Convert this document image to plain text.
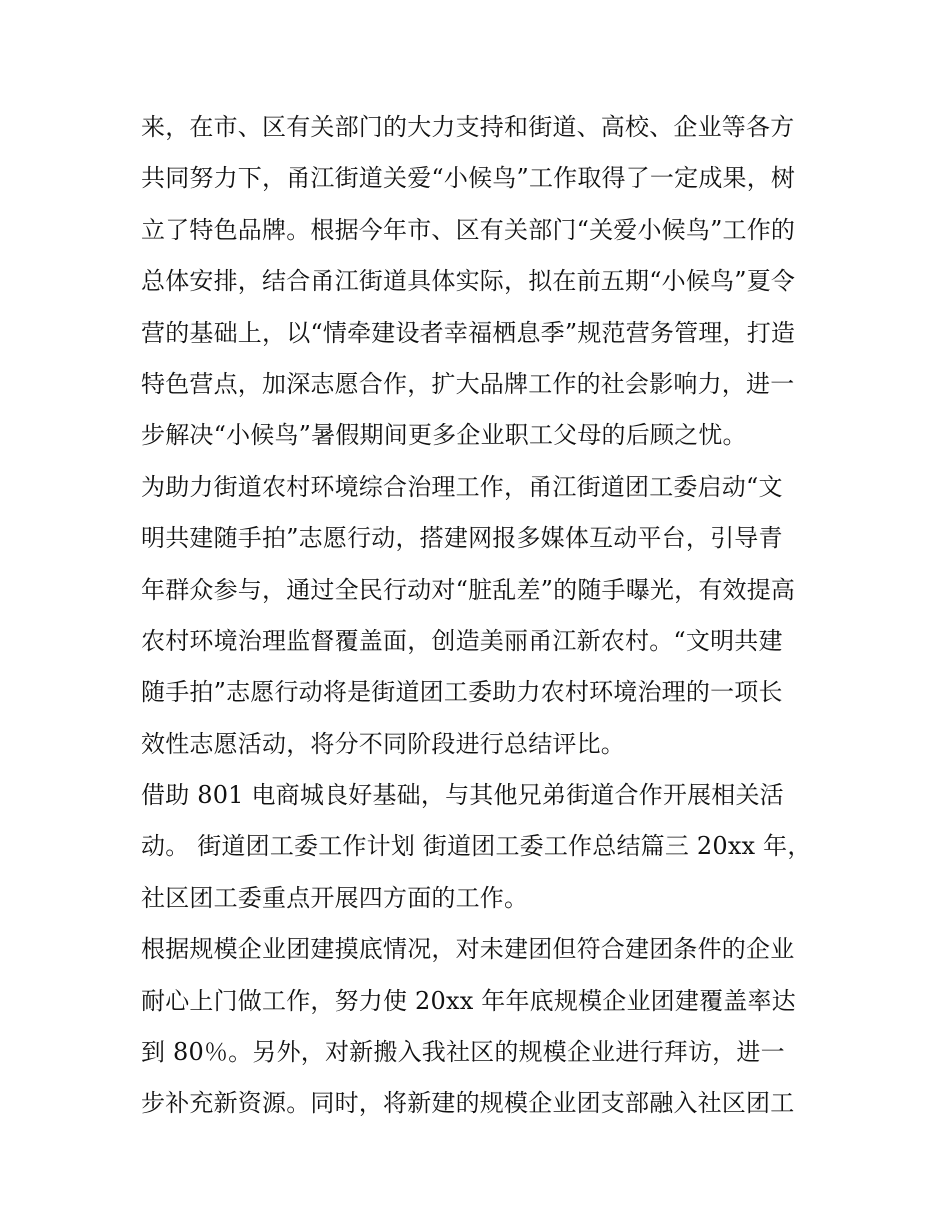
来，在市、区有关部门的大力支持和街道、高校、企业等各方
共同努力下，甬江街道关爱“小候鸟”工作取得了一定成果，树
立了特色品牌。根据今年市、区有关部门“关爱小候鸟”工作的
总体安排，结合甬江街道具体实际，拟在前五期“小候鸟”夏令
营的基础上，以“情牵建设者幸福栖息季”规范营务管理，打造
特色营点，加深志愿合作，扩大品牌工作的社会影响力，进一
步解决“小候鸟”暑假期间更多企业职工父母的后顾之忧。
为助力街道农村环境综合治理工作，甬江街道团工委启动“文
明共建随手拍”志愿行动，搭建网报多媒体互动平台，引导青
年群众参与，通过全民行动对“脏乱差”的随手曝光，有效提高
农村环境治理监督覆盖面，创造美丽甬江新农村。“文明共建
随手拍”志愿行动将是街道团工委助力农村环境治理的一项长
效性志愿活动，将分不同阶段进行总结评比。
借助 801 电商城良好基础，与其他兄弟街道合作开展相关活
动。 街道团工委工作计划 街道团工委工作总结篇三 20xx 年，
社区团工委重点开展四方面的工作。
根据规模企业团建摸底情况，对未建团但符合建团条件的企业
耐心上门做工作，努力使 20xx 年年底规模企业团建覆盖率达
到 80％。另外，对新搬入我社区的规模企业进行拜访，进一
步补充新资源。同时，将新建的规模企业团支部融入社区团工
